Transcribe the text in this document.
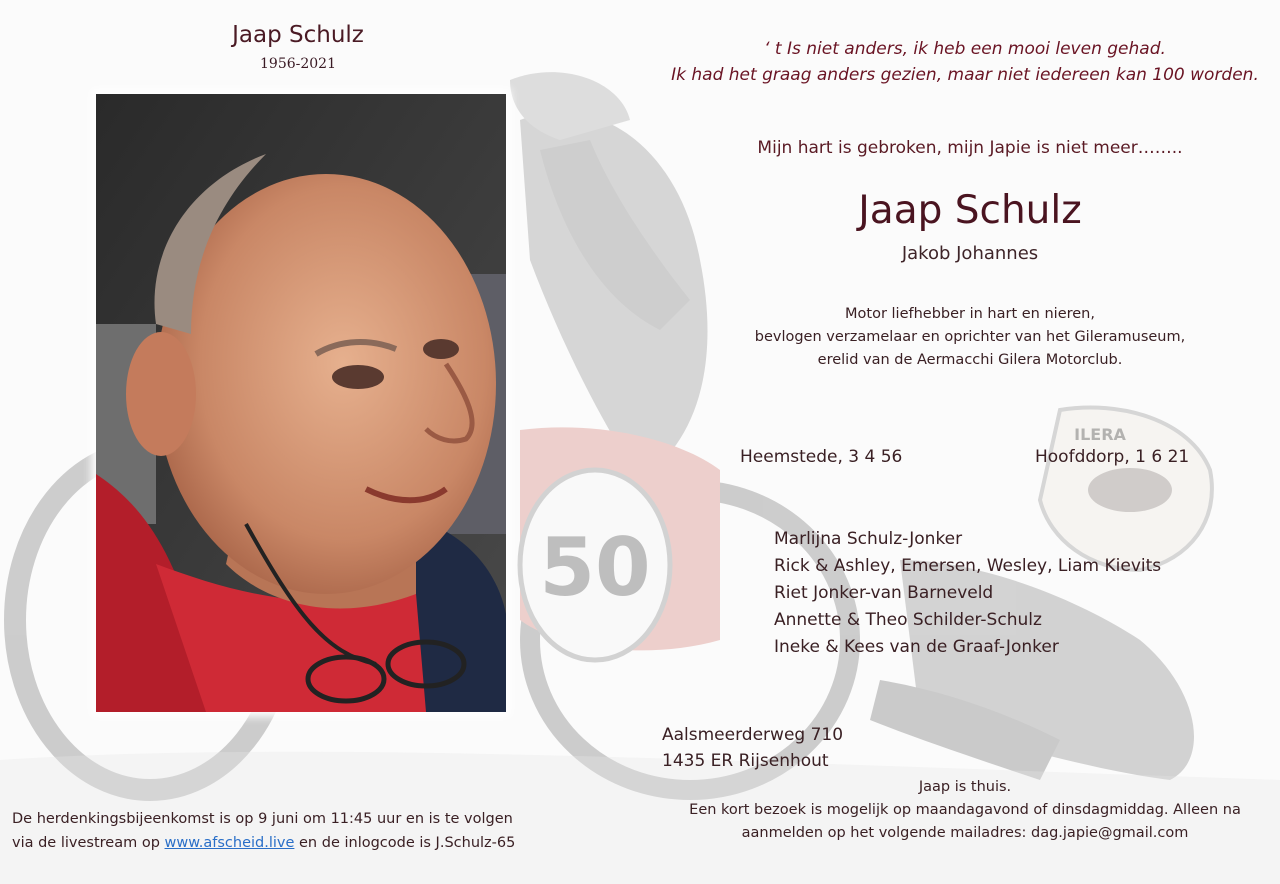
50
ILERA
Jaap Schulz
1956-2021
‘ t Is niet anders, ik heb een mooi leven gehad.
Ik had het graag anders gezien, maar niet iedereen kan 100 worden.
Mijn hart is gebroken, mijn Japie is niet meer……..
Jaap Schulz
Jakob Johannes
Motor liefhebber in hart en nieren,
bevlogen verzamelaar en oprichter van het Gileramuseum,
erelid van de Aermacchi Gilera Motorclub.
Heemstede, 3 4 56	Hoofddorp, 1 6 21
Marlijna Schulz-Jonker
Rick & Ashley, Emersen, Wesley, Liam Kievits
Riet Jonker-van Barneveld
Annette & Theo Schilder-Schulz
Ineke & Kees van de Graaf-Jonker
Aalsmeerderweg 710
1435 ER Rijsenhout
Jaap is thuis.
Een kort bezoek is mogelijk op maandagavond of dinsdagmiddag. Alleen na
aanmelden op het volgende mailadres: dag.japie@gmail.com
De herdenkingsbijeenkomst is op 9 juni om 11:45 uur en is te volgen
via de livestream op www.afscheid.live en de inlogcode is J.Schulz-65
